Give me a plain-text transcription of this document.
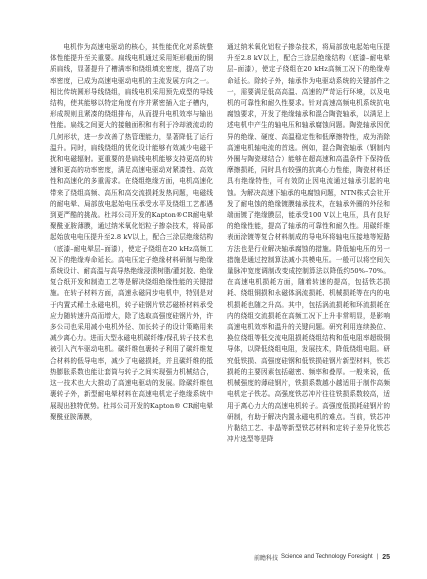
电机作为高速电驱动的核心，其性能优化对系统整体性能提升至关重要。扁线电机通过采用矩形截面的铜质扁线，显著提升了槽满率和绕组填充密度，提高了功率密度，已成为高速电驱动电机的主流发展方向之一。相比传统圆形导线绕组，扁线电机采用预先成型的导线结构，使其能够以特定角度有序并紧密插入定子槽内，形成规则且紧凑的绕组排布，从而提升电机效率与输出性能。扁线之间更大的接触面积和有利于冷却液流动的几何形状，进一步改善了热管理能力，显著降低了运行温升。同时，扁线绕组的优化设计能够有效减少电磁干扰和电磁辐射。更重要的是扁线电机能够支持更高的转速和更高的功率密度，满足高速电驱动对紧凑性、高效性和高速化的多重需求。在绕组绝缘方面，电机高速化带来了绕组高频、高压和高交流损耗发热问题，电磁线的耐电晕、局部放电起始电压承受水平及绕组工艺都遇到更严酷的挑战。杜邦公司开发的Kapton®CR耐电晕聚酰亚胺薄膜，通过纳米氧化铝粒子掺杂技术，将局部起始放电电压提升至2.8 kV以上，配合三涂层绝缘结构（底漆–耐电晕层–面漆），使定子绕组在20 kHz高频工况下的绝缘寿命延长。高电压定子绝缘材料研制与绝缘系统设计、耐高温与高导热绝缘浸渍树脂/灌封胶、绝缘复合纸开发和制造工艺等是解决绕组绝缘性能的关键措施。在转子材料方面，高速永磁同步电机中，特别是对于内置式稀土永磁电机，转子硅钢片铁芯磁桥材料承受应力随转速升高而增大，除了选取高强度硅钢片外，许多公司也采用减小电机外径、加长转子的设计策略用来减少离心力。进而大型永磁电机碳纤维/保孔转子技术也被引入汽车驱动电机。碳纤维包裹转子利用了碳纤维复合材料的低导电率，减少了电磁损耗，并且碳纤维的抵热膨胀系数也能让套筒与转子之间实现强力机械结合，这一技术也大大推动了高速电驱动的发展。除碳纤维包裹转子外，新型耐电晕材料在高速电机定子绝缘系统中展现出独特优势。杜邦公司开发的Kapton® CR耐电晕聚酰亚胺薄膜，

通过纳米氧化铝粒子掺杂技术，将局部放电起始电压提升至2.8 kV以上，配合三涂层绝缘结构（底漆–耐电晕层–面漆），使定子绕组在20 kHz高频工况下的绝缘寿命延长。除转子外，轴承作为电驱动系统的关键部件之一，需要满足低高高温、高速的严苛运行环境，以及电机的可靠性和耐久性要求。针对高速高频电机系统抗电腐蚀要求，开发了绝缘轴承和混合陶瓷轴承，以满足上述电机中产生的轴电压和轴承腐蚀问题。陶瓷轴承因优异的绝缘、硬度、高温稳定性和低摩擦特性，成为消除高速电机轴电流的首选。例如，混合陶瓷轴承（钢制内外圈与陶瓷球结合）能够在超高速和高温条件下保持低摩擦损耗，同时具有较强的抗离心力性能，陶瓷材料还具有绝缘特性，可有效防止因电流通过轴承引起的电蚀。为解决高速下轴承的电腐蚀问题，NTN株式会社开发了耐电蚀的绝缘镀膜轴承技术，在轴承外圈的外径和端面镀了绝缘膜层，能承受100 V以上电压，具有良好的绝缘性能，提高了轴承的可靠性和耐久性。用碳纤维表面涂镀等复合材料制成的导电环将轴电压接地等短路方法也是行业解决轴承腐蚀的措施。降低轴电压的另一措施是通过控制算法减小共模电压。一般可以将空间矢量脉冲宽度调制改变成控制算法以降低约50%–70%。在高速电机损耗方面，随着转速的提高，包括铁芯损耗、绕组铜损和永磁体涡流损耗、机械损耗等在内的电机损耗也随之升高。其中，包括涡流损耗和环流损耗在内的绕组交流损耗在高频工况下上升非常明显，是影响高速电机效率和温升的关键问题。研究利用连续换位、换位绕组等低交流电阻损耗绕组结构和低电阻率超级铜导体，以降低绕组电阻，发展技术，降低绕组电阻。研究低铁损、高强度硅钢和低铁损硅钢片新型材料，铁芯损耗的主要因素包括磁密、频率和叠厚。一般来说，低机械强度的薄硅钢片，铁损系数越小越适用于制作高频电机定子铁芯。高强度铁芯冲片往往铁损系数较高，适用于离心力大的高速电机转子。高强度低损耗硅钢片的研制，有助于解决内置永磁电机的难点。当前，铁芯冲片黏结工艺、非晶等新型铁芯材料和定转子差异化铁芯冲片选型等是降

前瞻科技 Science and Technology Foresight | 25
